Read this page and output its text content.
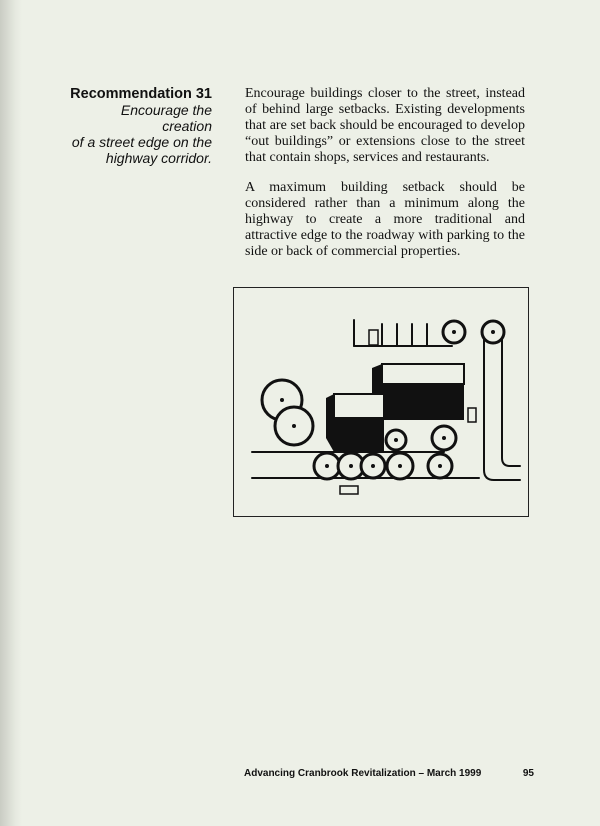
Recommendation 31
Encourage the creation
of a street edge on the
highway corridor.

Encourage buildings closer to the street, instead of behind large setbacks. Existing developments that are set back should be encouraged to develop “out buildings” or extensions close to the street that contain shops, services and restaurants.

A maximum building setback should be considered rather than a minimum along the highway to create a more traditional and attractive edge to the roadway with parking to the side or back of commercial properties.

Advancing Cranbrook Revitalization – March 1999	95
